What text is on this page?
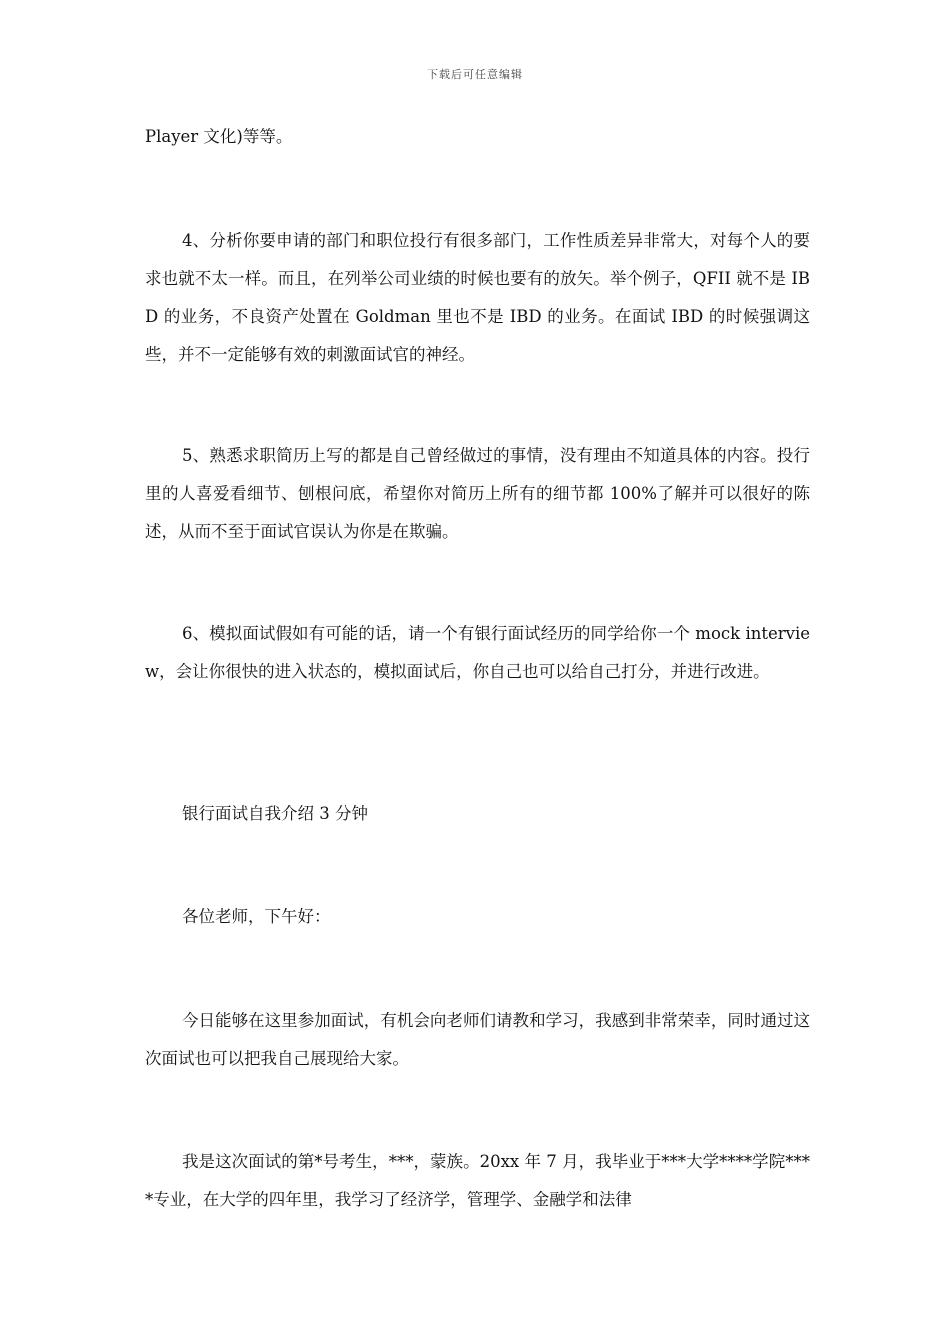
下载后可任意编辑

Player 文化)等等。

4、分析你要申请的部门和职位投行有很多部门，工作性质差异非常大，对每个人的要求也就不太一样。而且，在列举公司业绩的时候也要有的放矢。举个例子，QFII 就不是 IBD 的业务，不良资产处置在 Goldman 里也不是 IBD 的业务。在面试 IBD 的时候强调这些，并不一定能够有效的刺激面试官的神经。

5、熟悉求职简历上写的都是自己曾经做过的事情，没有理由不知道具体的内容。投行里的人喜爱看细节、刨根问底，希望你对简历上所有的细节都 100%了解并可以很好的陈述，从而不至于面试官误认为你是在欺骗。

6、模拟面试假如有可能的话，请一个有银行面试经历的同学给你一个 mock interview，会让你很快的进入状态的，模拟面试后，你自己也可以给自己打分，并进行改进。

银行面试自我介绍 3 分钟

各位老师，下午好：

今日能够在这里参加面试，有机会向老师们请教和学习，我感到非常荣幸，同时通过这次面试也可以把我自己展现给大家。

我是这次面试的第*号考生，***，蒙族。20xx 年 7 月，我毕业于***大学****学院****专业，在大学的四年里，我学习了经济学，管理学、金融学和法律
